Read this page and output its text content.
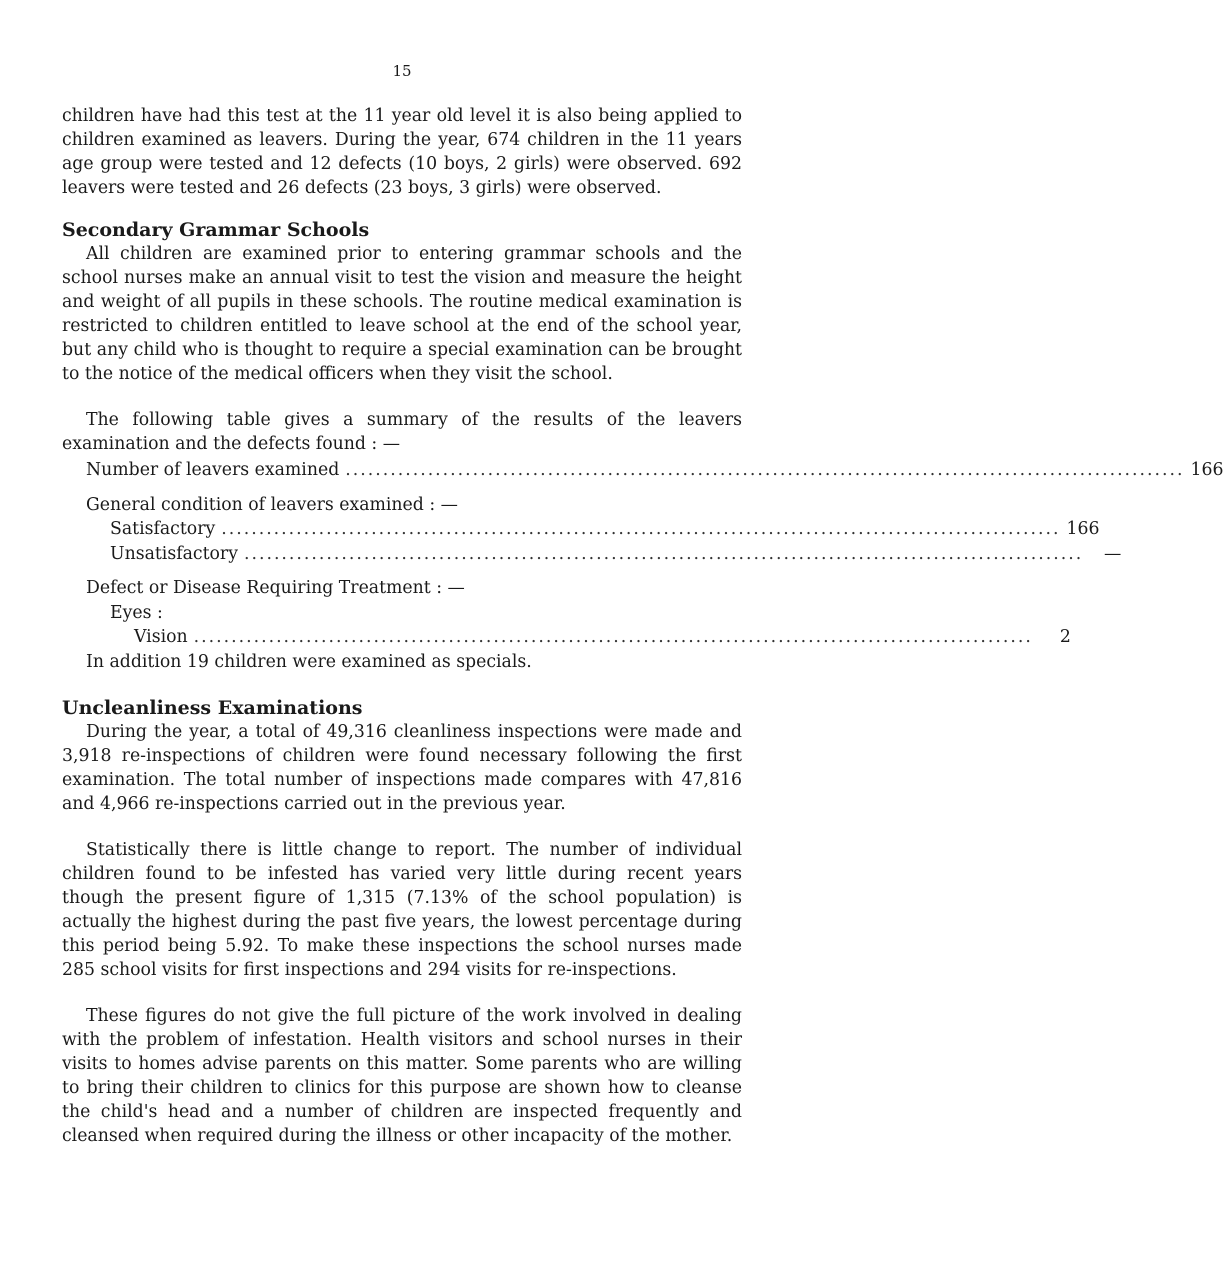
15

children have had this test at the 11 year old level it is also being applied to children examined as leavers. During the year, 674 children in the 11 years age group were tested and 12 defects (10 boys, 2 girls) were observed. 692 leavers were tested and 26 defects (23 boys, 3 girls) were observed.

Secondary Grammar Schools

All children are examined prior to entering grammar schools and the school nurses make an annual visit to test the vision and measure the height and weight of all pupils in these schools. The routine medical examination is restricted to children entitled to leave school at the end of the school year, but any child who is thought to require a special examination can be brought to the notice of the medical officers when they visit the school.

The following table gives a summary of the results of the leavers examination and the defects found : —

Number of leavers examined ................................................................................................................ 166
General condition of leavers examined : —
Satisfactory ................................................................................................................ 166
Unsatisfactory ................................................................................................................	—
Defect or Disease Requiring Treatment : —
Eyes :
Vision ................................................................................................................	2
In addition 19 children were examined as specials.
Uncleanliness Examinations

During the year, a total of 49,316 cleanliness inspections were made and 3,918 re-inspections of children were found necessary following the first examination. The total number of inspections made compares with 47,816 and 4,966 re-inspections carried out in the previous year.

Statistically there is little change to report. The number of individual children found to be infested has varied very little during recent years though the present figure of 1,315 (7.13% of the school population) is actually the highest during the past five years, the lowest percentage during this period being 5.92. To make these inspections the school nurses made 285 school visits for first inspections and 294 visits for re-inspections.

These figures do not give the full picture of the work involved in dealing with the problem of infestation. Health visitors and school nurses in their visits to homes advise parents on this matter. Some parents who are willing to bring their children to clinics for this purpose are shown how to cleanse the child's head and a number of children are inspected frequently and cleansed when required during the illness or other incapacity of the mother.
